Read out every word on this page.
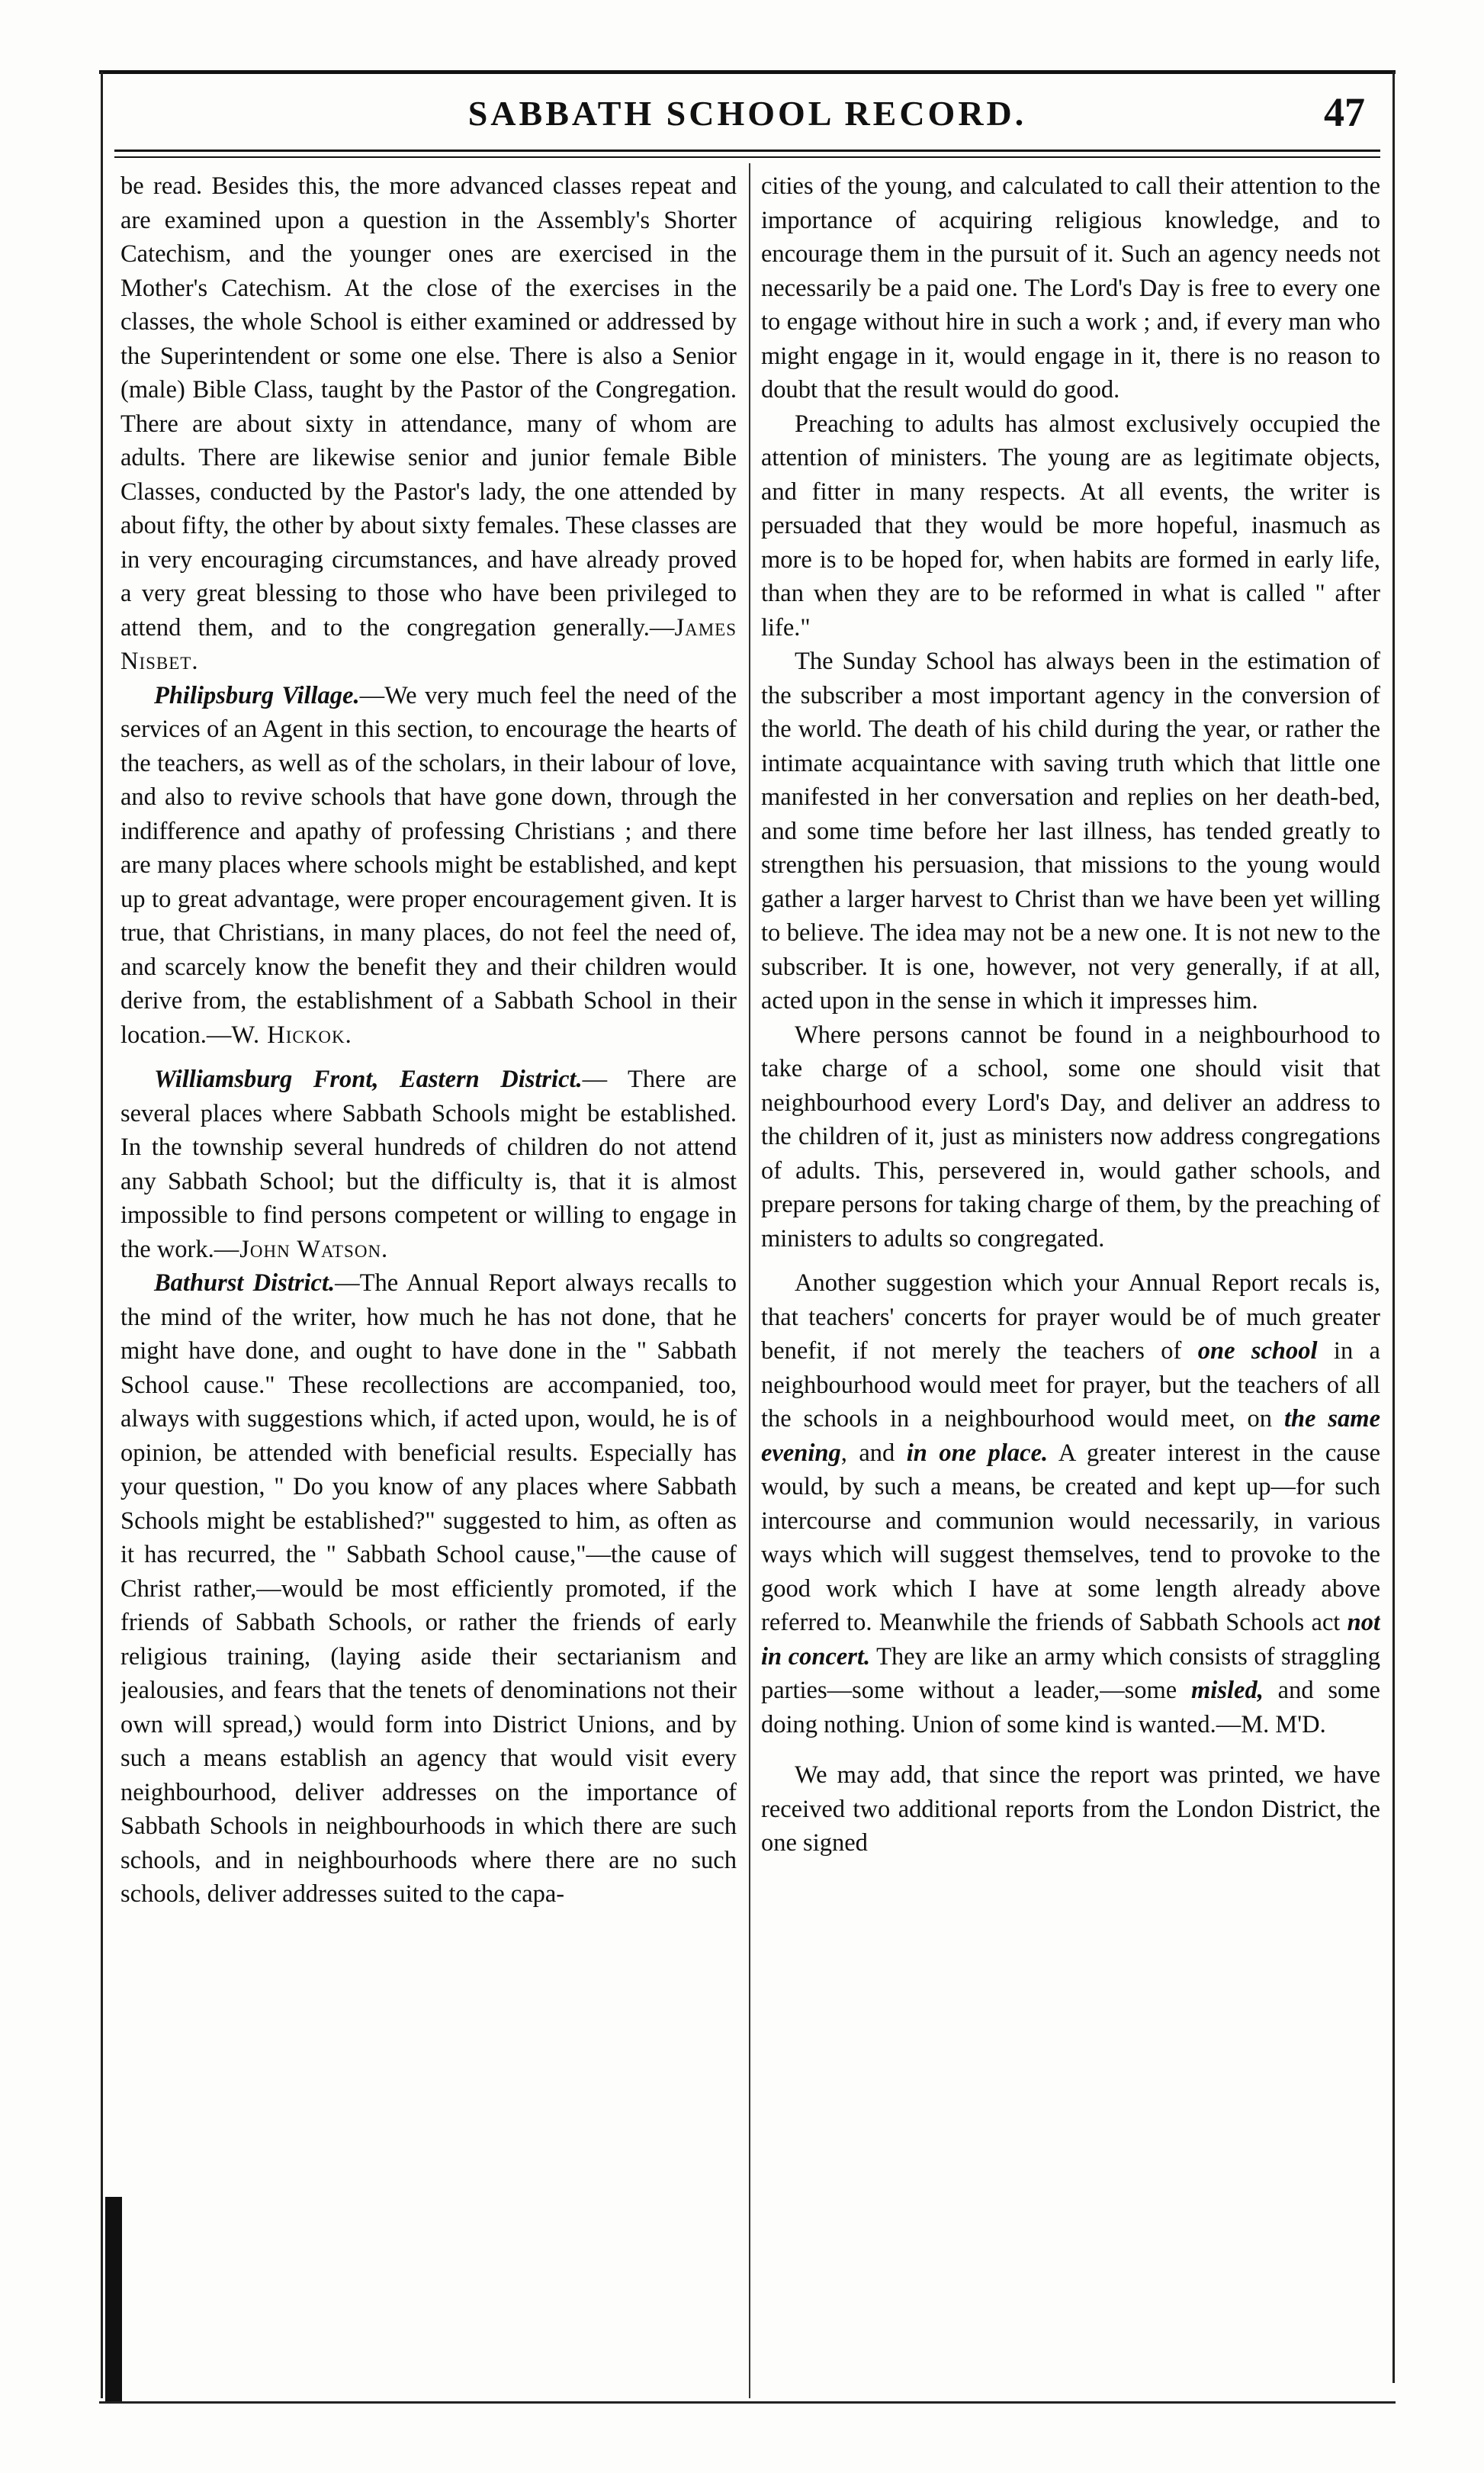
SABBATH SCHOOL RECORD.	47

be read. Besides this, the more advanced classes repeat and are examined upon a question in the Assembly's Shorter Catechism, and the younger ones are exercised in the Mother's Catechism. At the close of the exercises in the classes, the whole School is either examined or addressed by the Superintendent or some one else. There is also a Senior (male) Bible Class, taught by the Pastor of the Congregation. There are about sixty in attendance, many of whom are adults. There are likewise senior and junior female Bible Classes, conducted by the Pastor's lady, the one attended by about fifty, the other by about sixty females. These classes are in very encouraging circumstances, and have already proved a very great blessing to those who have been privileged to attend them, and to the congregation generally.—James Nisbet.

Philipsburg Village.—We very much feel the need of the services of an Agent in this section, to encourage the hearts of the teachers, as well as of the scholars, in their labour of love, and also to revive schools that have gone down, through the indifference and apathy of professing Christians ; and there are many places where schools might be established, and kept up to great advantage, were proper encouragement given. It is true, that Christians, in many places, do not feel the need of, and scarcely know the benefit they and their children would derive from, the establishment of a Sabbath School in their location.—W. Hickok.

Williamsburg Front, Eastern District.— There are several places where Sabbath Schools might be established. In the township several hundreds of children do not attend any Sabbath School; but the difficulty is, that it is almost impossible to find persons competent or willing to engage in the work.—John Watson.

Bathurst District.—The Annual Report always recalls to the mind of the writer, how much he has not done, that he might have done, and ought to have done in the " Sabbath School cause." These recollections are accompanied, too, always with suggestions which, if acted upon, would, he is of opinion, be attended with beneficial results. Especially has your question, " Do you know of any places where Sabbath Schools might be established?" suggested to him, as often as it has recurred, the " Sabbath School cause,"—the cause of Christ rather,—would be most efficiently promoted, if the friends of Sabbath Schools, or rather the friends of early religious training, (laying aside their sectarianism and jealousies, and fears that the tenets of denominations not their own will spread,) would form into District Unions, and by such a means establish an agency that would visit every neighbourhood, deliver addresses on the importance of Sabbath Schools in neighbourhoods in which there are such schools, and in neighbourhoods where there are no such schools, deliver addresses suited to the capa-

cities of the young, and calculated to call their attention to the importance of acquiring religious knowledge, and to encourage them in the pursuit of it. Such an agency needs not necessarily be a paid one. The Lord's Day is free to every one to engage without hire in such a work ; and, if every man who might engage in it, would engage in it, there is no reason to doubt that the result would do good.

Preaching to adults has almost exclusively occupied the attention of ministers. The young are as legitimate objects, and fitter in many respects. At all events, the writer is persuaded that they would be more hopeful, inasmuch as more is to be hoped for, when habits are formed in early life, than when they are to be reformed in what is called " after life."

The Sunday School has always been in the estimation of the subscriber a most important agency in the conversion of the world. The death of his child during the year, or rather the intimate acquaintance with saving truth which that little one manifested in her conversation and replies on her death-bed, and some time before her last illness, has tended greatly to strengthen his persuasion, that missions to the young would gather a larger harvest to Christ than we have been yet willing to believe. The idea may not be a new one. It is not new to the subscriber. It is one, however, not very generally, if at all, acted upon in the sense in which it impresses him.

Where persons cannot be found in a neighbourhood to take charge of a school, some one should visit that neighbourhood every Lord's Day, and deliver an address to the children of it, just as ministers now address congregations of adults. This, persevered in, would gather schools, and prepare persons for taking charge of them, by the preaching of ministers to adults so congregated.

Another suggestion which your Annual Report recals is, that teachers' concerts for prayer would be of much greater benefit, if not merely the teachers of one school in a neighbourhood would meet for prayer, but the teachers of all the schools in a neighbourhood would meet, on the same evening, and in one place. A greater interest in the cause would, by such a means, be created and kept up—for such intercourse and communion would necessarily, in various ways which will suggest themselves, tend to provoke to the good work which I have at some length already above referred to. Meanwhile the friends of Sabbath Schools act not in concert. They are like an army which consists of straggling parties—some without a leader,—some misled, and some doing nothing. Union of some kind is wanted.—M. M'D.

We may add, that since the report was printed, we have received two additional reports from the London District, the one signed
